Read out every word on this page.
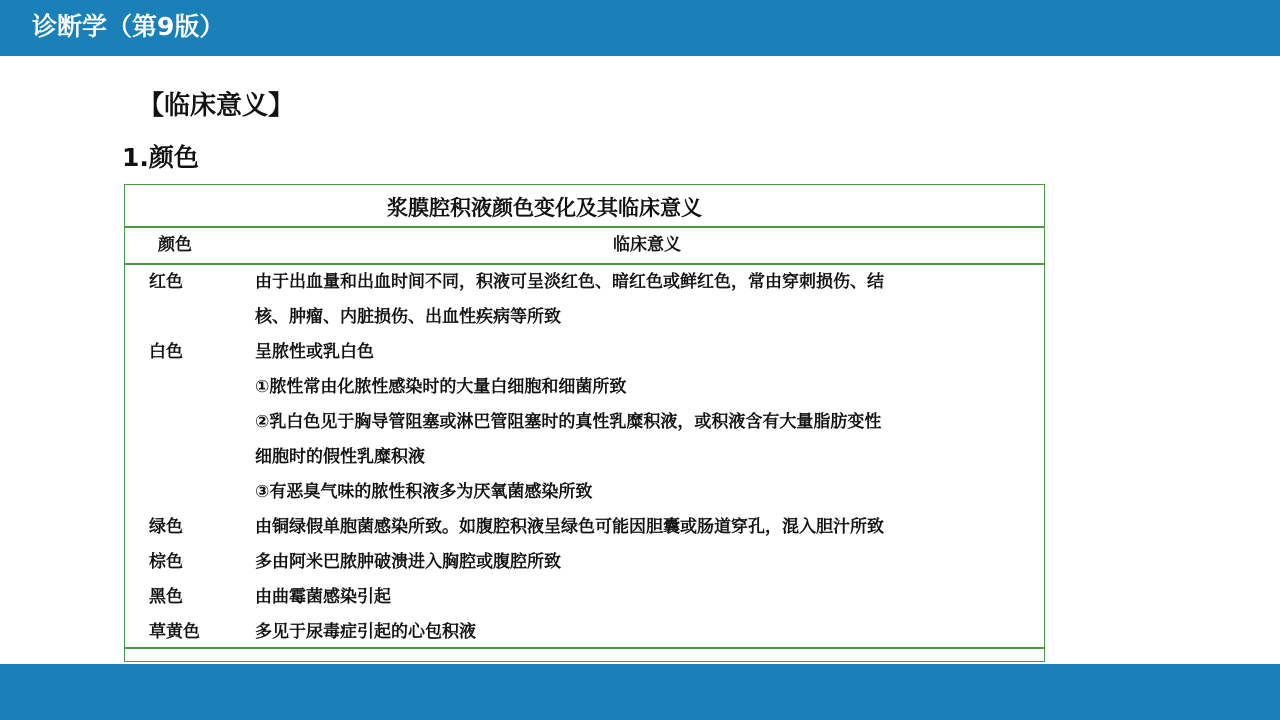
诊断学（第9版）
【临床意义】
1.颜色
浆膜腔积液颜色变化及其临床意义
颜色	临床意义
红色	由于出血量和出血时间不同，积液可呈淡红色、暗红色或鲜红色，常由穿刺损伤、结
核、肿瘤、内脏损伤、出血性疾病等所致
白色	呈脓性或乳白色
①脓性常由化脓性感染时的大量白细胞和细菌所致
②乳白色见于胸导管阻塞或淋巴管阻塞时的真性乳糜积液，或积液含有大量脂肪变性
细胞时的假性乳糜积液
③有恶臭气味的脓性积液多为厌氧菌感染所致
绿色	由铜绿假单胞菌感染所致。如腹腔积液呈绿色可能因胆囊或肠道穿孔，混入胆汁所致
棕色	多由阿米巴脓肿破溃进入胸腔或腹腔所致
黑色	由曲霉菌感染引起
草黄色	多见于尿毒症引起的心包积液
